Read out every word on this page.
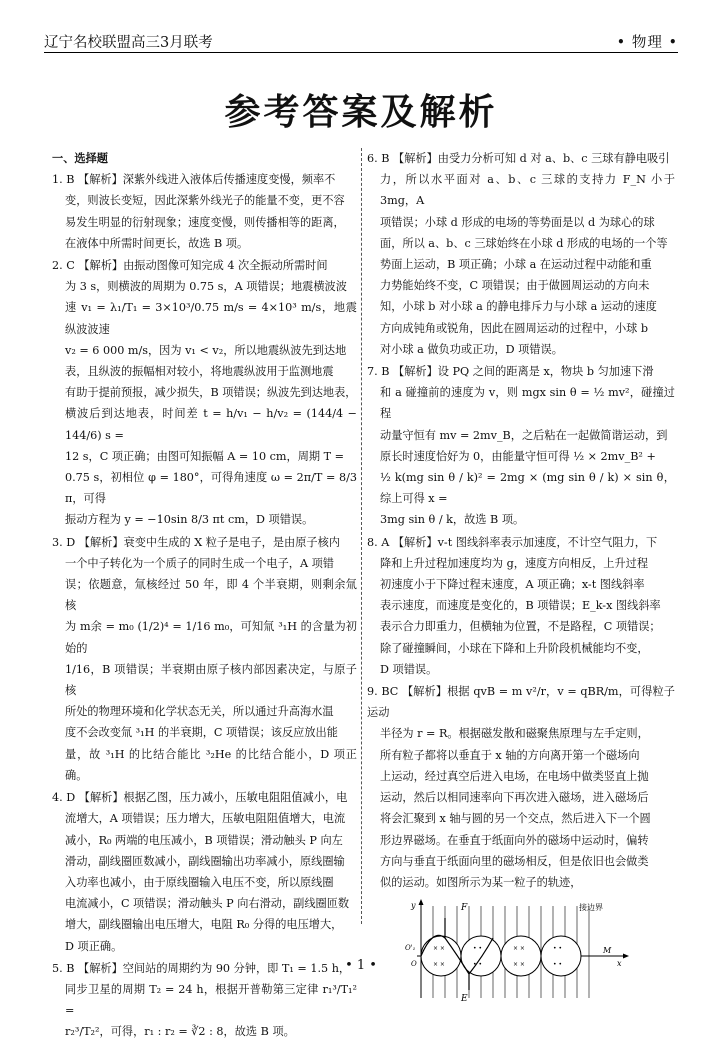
辽宁名校联盟高三3月联考	• 物理 •
参考答案及解析

一、选择题

1. B 【解析】深紫外线进入液体后传播速度变慢，频率不

变，则波长变短，因此深紫外线光子的能量不变，更不容

易发生明显的衍射现象；速度变慢，则传播相等的距离，

在液体中所需时间更长，故选 B 项。

2. C 【解析】由振动图像可知完成 4 次全振动所需时间

为 3 s，则横波的周期为 0.75 s，A 项错误；地震横波波

速 v₁ = λ₁/T₁ = 3×10³/0.75 m/s = 4×10³ m/s，地震纵波波速

v₂ = 6 000 m/s，因为 v₁ < v₂，所以地震纵波先到达地

表，且纵波的振幅相对较小，将地震纵波用于监测地震

有助于提前预报，减少损失，B 项错误；纵波先到达地表，

横波后到达地表，时间差 t = h/v₁ − h/v₂ = (144/4 − 144/6) s =

12 s，C 项正确；由图可知振幅 A = 10 cm，周期 T =

0.75 s，初相位 φ = 180°，可得角速度 ω = 2π/T = 8/3 π，可得

振动方程为 y = −10sin 8/3 πt cm，D 项错误。

3. D 【解析】衰变中生成的 X 粒子是电子，是由原子核内

一个中子转化为一个质子的同时生成一个电子，A 项错

误；依题意，氚核经过 50 年，即 4 个半衰期，则剩余氚核

为 m余 = m₀ (1/2)⁴ = 1/16 m₀，可知氚 ³₁H 的含量为初始的

1/16，B 项错误；半衰期由原子核内部因素决定，与原子核

所处的物理环境和化学状态无关，所以通过升高海水温

度不会改变氚 ³₁H 的半衰期，C 项错误；该反应放出能

量，故 ³₁H 的比结合能比 ³₂He 的比结合能小，D 项正确。

4. D 【解析】根据乙图，压力减小，压敏电阻阻值减小，电

流增大，A 项错误；压力增大，压敏电阻阻值增大，电流

减小，R₀ 两端的电压减小，B 项错误；滑动触头 P 向左

滑动，副线圈匝数减小，副线圈输出功率减小，原线圈输

入功率也减小，由于原线圈输入电压不变，所以原线圈

电流减小，C 项错误；滑动触头 P 向右滑动，副线圈匝数

增大，副线圈输出电压增大，电阻 R₀ 分得的电压增大，

D 项正确。

5. B 【解析】空间站的周期约为 90 分钟，即 T₁ = 1.5 h，

同步卫星的周期 T₂ = 24 h，根据开普勒第三定律 r₁³/T₁² =

r₂³/T₂²，可得，r₁ : r₂ = ∛2 : 8，故选 B 项。

6. B 【解析】由受力分析可知 d 对 a、b、c 三球有静电吸引

力，所以水平面对 a、b、c 三球的支持力 F_N 小于 3mg，A

项错误；小球 d 形成的电场的等势面是以 d 为球心的球

面，所以 a、b、c 三球始终在小球 d 形成的电场的一个等

势面上运动，B 项正确；小球 a 在运动过程中动能和重

力势能始终不变，C 项错误；由于做圆周运动的方向未

知，小球 b 对小球 a 的静电排斥力与小球 a 运动的速度

方向成钝角或锐角，因此在圆周运动的过程中，小球 b

对小球 a 做负功或正功，D 项错误。

7. B 【解析】设 PQ 之间的距离是 x，物块 b 匀加速下滑

和 a 碰撞前的速度为 v，则 mgx sin θ = ½ mv²，碰撞过程

动量守恒有 mv = 2mv_B，之后粘在一起做简谐运动，到

原长时速度恰好为 0，由能量守恒可得 ½ × 2mv_B² +

½ k(mg sin θ / k)² = 2mg × (mg sin θ / k) × sin θ，综上可得 x =

3mg sin θ / k，故选 B 项。

8. A 【解析】v-t 图线斜率表示加速度，不计空气阻力，下

降和上升过程加速度均为 g，速度方向相反，上升过程

初速度小于下降过程末速度，A 项正确；x-t 图线斜率

表示速度，而速度是变化的，B 项错误；E_k-x 图线斜率

表示合力即重力，但横轴为位置，不是路程，C 项错误；

除了碰撞瞬间，小球在下降和上升阶段机械能均不变，

D 项错误。

9. BC 【解析】根据 qvB = m v²/r，v = qBR/m，可得粒子运动

半径为 r = R。根据磁发散和磁聚焦原理与左手定则，

所有粒子都将以垂直于 x 轴的方向离开第一个磁场向

上运动，经过真空后进入电场，在电场中做类竖直上抛

运动，然后以相同速率向下再次进入磁场，进入磁场后

将会汇聚到 x 轴与圆的另一个交点，然后进入下一个圆

形边界磁场。在垂直于纸面向外的磁场中运动时，偏转

方向与垂直于纸面向里的磁场相反，但是依旧也会做类

似的运动。如图所示为某一粒子的轨迹，

× ×
× ×
• •
• •
× ×
× ×
• •
• •
F
E
y
O'₁
O
M
x
接边界
• 1 •
